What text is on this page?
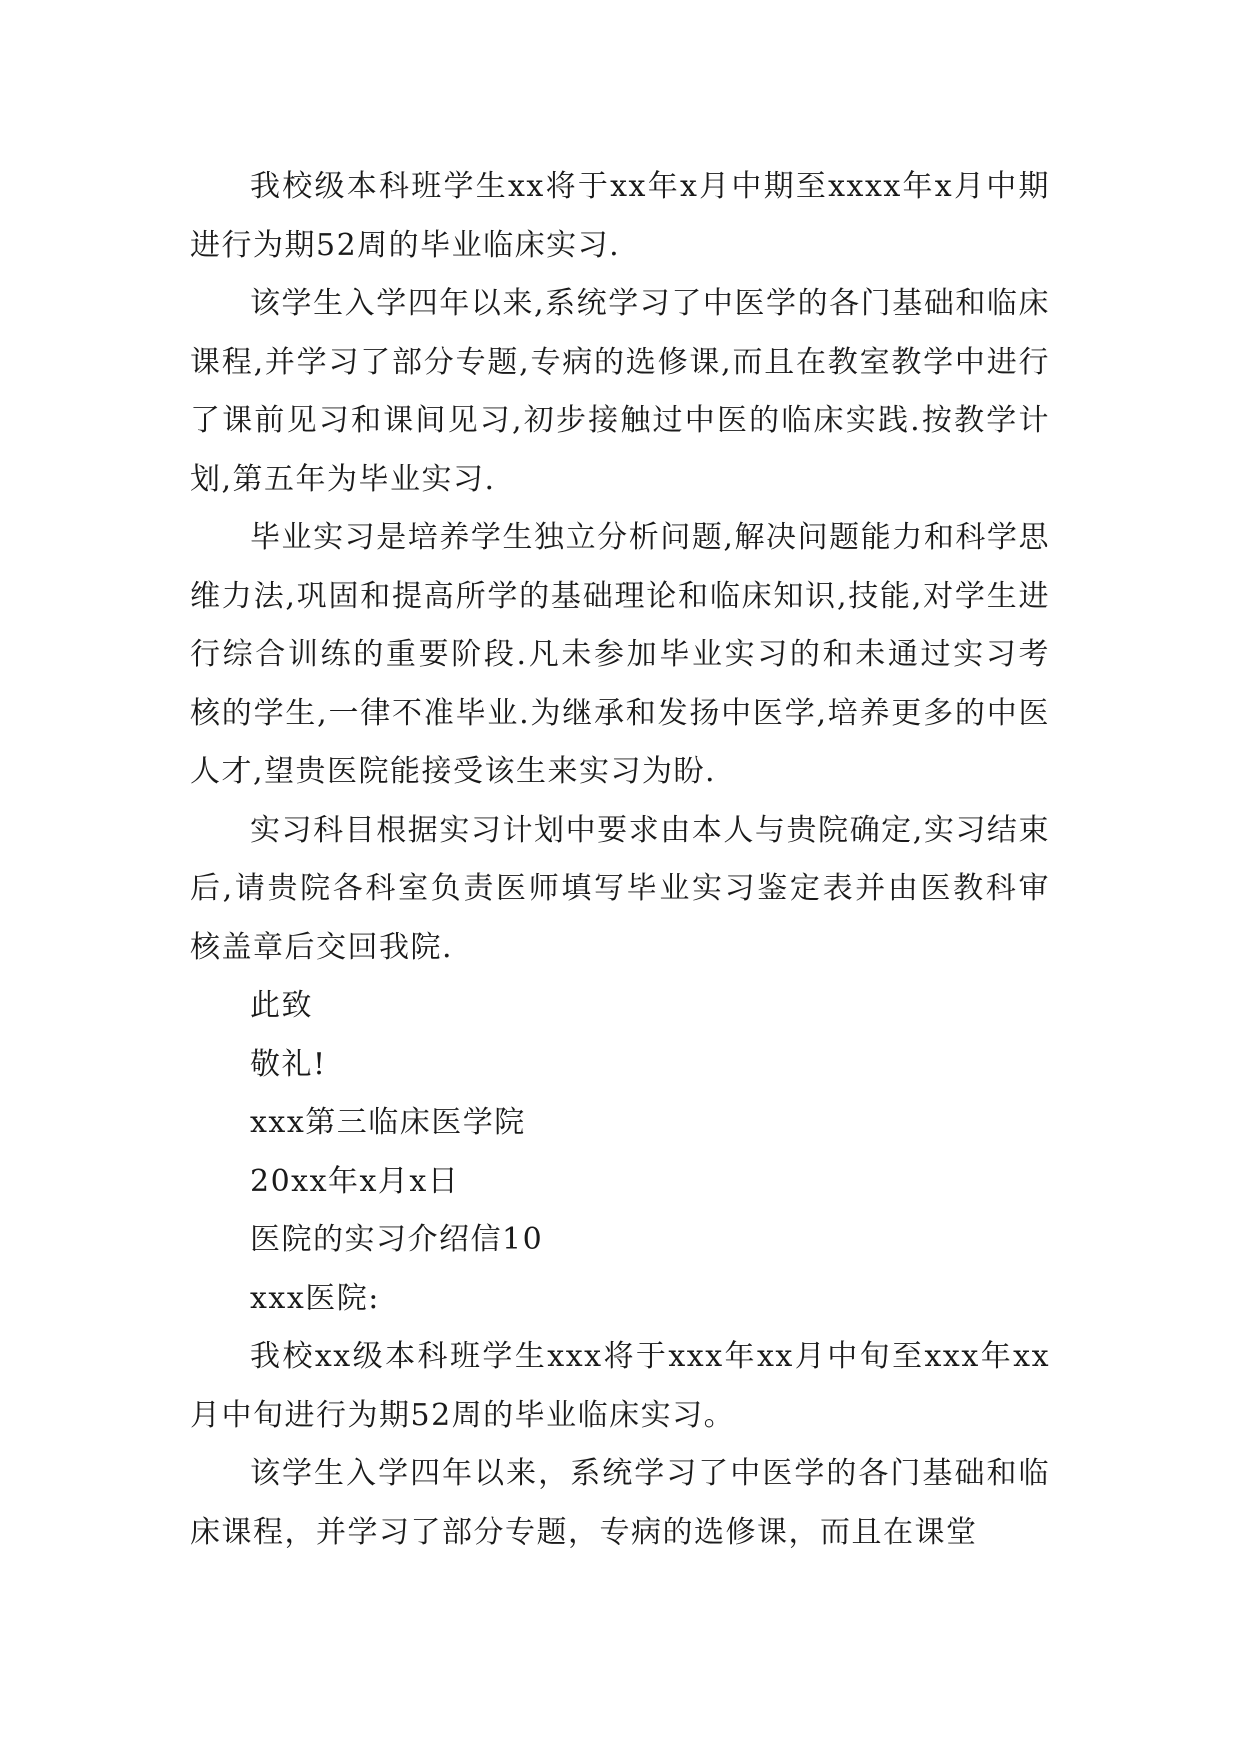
我校级本科班学生xx将于xx年x月中期至xxxx年x月中期进行为期52周的毕业临床实习.

该学生入学四年以来,系统学习了中医学的各门基础和临床课程,并学习了部分专题,专病的选修课,而且在教室教学中进行了课前见习和课间见习,初步接触过中医的临床实践.按教学计划,第五年为毕业实习.

毕业实习是培养学生独立分析问题,解决问题能力和科学思维力法,巩固和提高所学的基础理论和临床知识,技能,对学生进行综合训练的重要阶段.凡未参加毕业实习的和未通过实习考核的学生,一律不准毕业.为继承和发扬中医学,培养更多的中医人才,望贵医院能接受该生来实习为盼.

实习科目根据实习计划中要求由本人与贵院确定,实习结束后,请贵院各科室负责医师填写毕业实习鉴定表并由医教科审核盖章后交回我院.

此致

敬礼!

xxx第三临床医学院

20xx年x月x日

医院的实习介绍信10

xxx医院:

我校xx级本科班学生xxx将于xxx年xx月中旬至xxx年xx月中旬进行为期52周的毕业临床实习。

该学生入学四年以来，系统学习了中医学的各门基础和临床课程，并学习了部分专题，专病的选修课，而且在课堂
